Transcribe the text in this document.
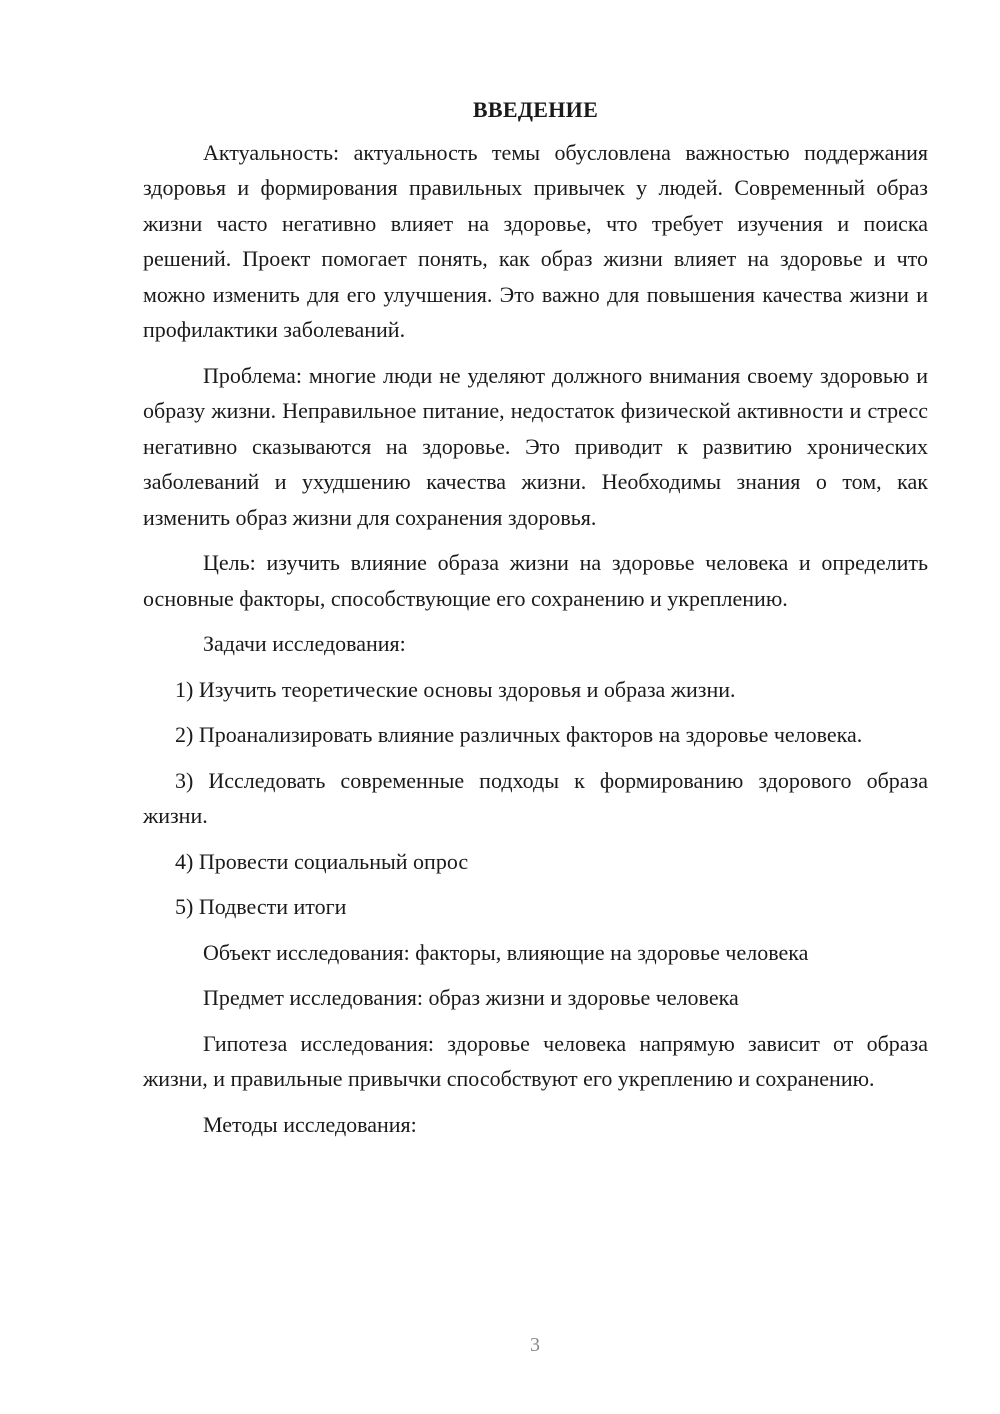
ВВЕДЕНИЕ

Актуальность: актуальность темы обусловлена важностью поддержания здоровья и формирования правильных привычек у людей. Современный образ жизни часто негативно влияет на здоровье, что требует изучения и поиска решений. Проект помогает понять, как образ жизни влияет на здоровье и что можно изменить для его улучшения. Это важно для повышения качества жизни и профилактики заболеваний.

Проблема: многие люди не уделяют должного внимания своему здоровью и образу жизни. Неправильное питание, недостаток физической активности и стресс негативно сказываются на здоровье. Это приводит к развитию хронических заболеваний и ухудшению качества жизни. Необходимы знания о том, как изменить образ жизни для сохранения здоровья.

Цель: изучить влияние образа жизни на здоровье человека и определить основные факторы, способствующие его сохранению и укреплению.

Задачи исследования:

1) Изучить теоретические основы здоровья и образа жизни.

2) Проанализировать влияние различных факторов на здоровье человека.

3) Исследовать современные подходы к формированию здорового образа жизни.

4) Провести социальный опрос

5) Подвести итоги

Объект исследования: факторы, влияющие на здоровье человека

Предмет исследования: образ жизни и здоровье человека

Гипотеза исследования: здоровье человека напрямую зависит от образа жизни, и правильные привычки способствуют его укреплению и сохранению.

Методы исследования:

3
